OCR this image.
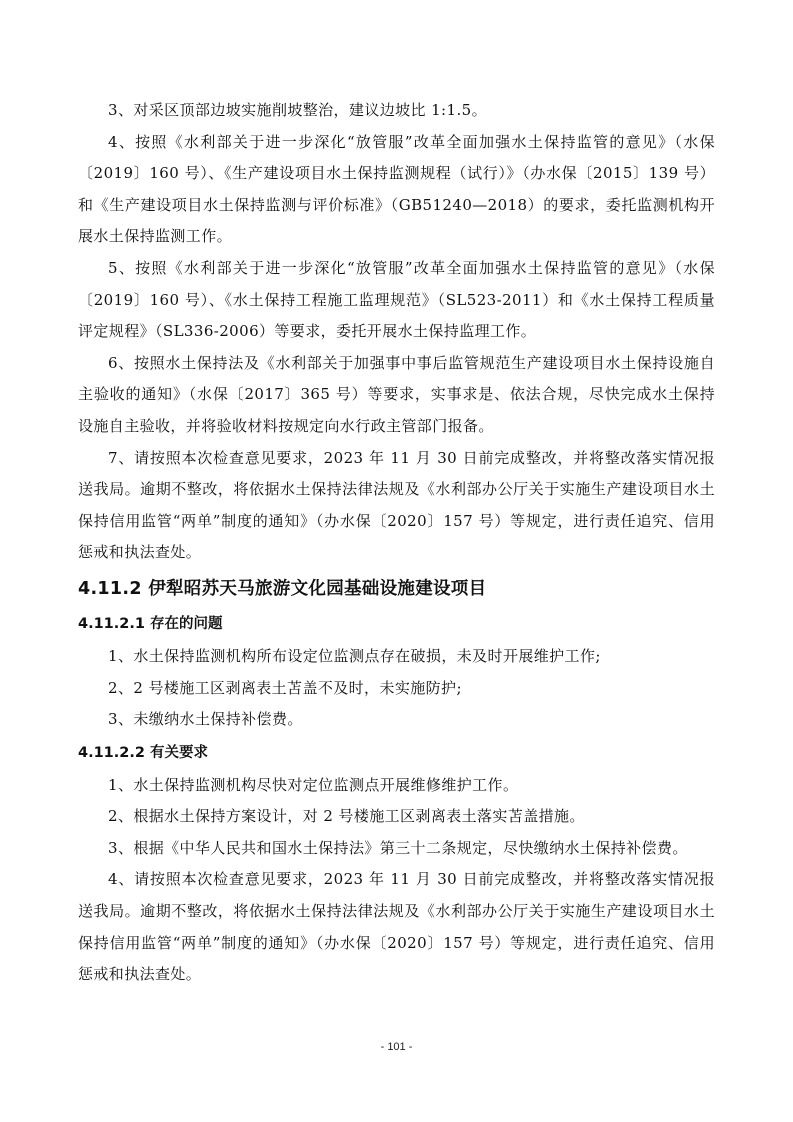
3、对采区顶部边坡实施削坡整治，建议边坡比 1:1.5。

4、按照《水利部关于进一步深化“放管服”改革全面加强水土保持监管的意见》（水保〔2019〕160 号）、《生产建设项目水土保持监测规程（试行）》（办水保〔2015〕139 号）和《生产建设项目水土保持监测与评价标准》（GB51240—2018）的要求，委托监测机构开展水土保持监测工作。

5、按照《水利部关于进一步深化“放管服”改革全面加强水土保持监管的意见》（水保〔2019〕160 号）、《水土保持工程施工监理规范》（SL523-2011）和《水土保持工程质量评定规程》（SL336-2006）等要求，委托开展水土保持监理工作。

6、按照水土保持法及《水利部关于加强事中事后监管规范生产建设项目水土保持设施自主验收的通知》（水保〔2017〕365 号）等要求，实事求是、依法合规，尽快完成水土保持设施自主验收，并将验收材料按规定向水行政主管部门报备。

7、请按照本次检查意见要求，2023 年 11 月 30 日前完成整改，并将整改落实情况报送我局。逾期不整改，将依据水土保持法律法规及《水利部办公厅关于实施生产建设项目水土保持信用监管“两单”制度的通知》（办水保〔2020〕157 号）等规定，进行责任追究、信用惩戒和执法查处。

4.11.2 伊犁昭苏天马旅游文化园基础设施建设项目
4.11.2.1 存在的问题

1、水土保持监测机构所布设定位监测点存在破损，未及时开展维护工作;

2、2 号楼施工区剥离表土苫盖不及时，未实施防护;

3、未缴纳水土保持补偿费。

4.11.2.2 有关要求

1、水土保持监测机构尽快对定位监测点开展维修维护工作。

2、根据水土保持方案设计，对 2 号楼施工区剥离表土落实苫盖措施。

3、根据《中华人民共和国水土保持法》第三十二条规定，尽快缴纳水土保持补偿费。

4、请按照本次检查意见要求，2023 年 11 月 30 日前完成整改，并将整改落实情况报送我局。逾期不整改，将依据水土保持法律法规及《水利部办公厅关于实施生产建设项目水土保持信用监管“两单”制度的通知》（办水保〔2020〕157 号）等规定，进行责任追究、信用惩戒和执法查处。

- 101 -
